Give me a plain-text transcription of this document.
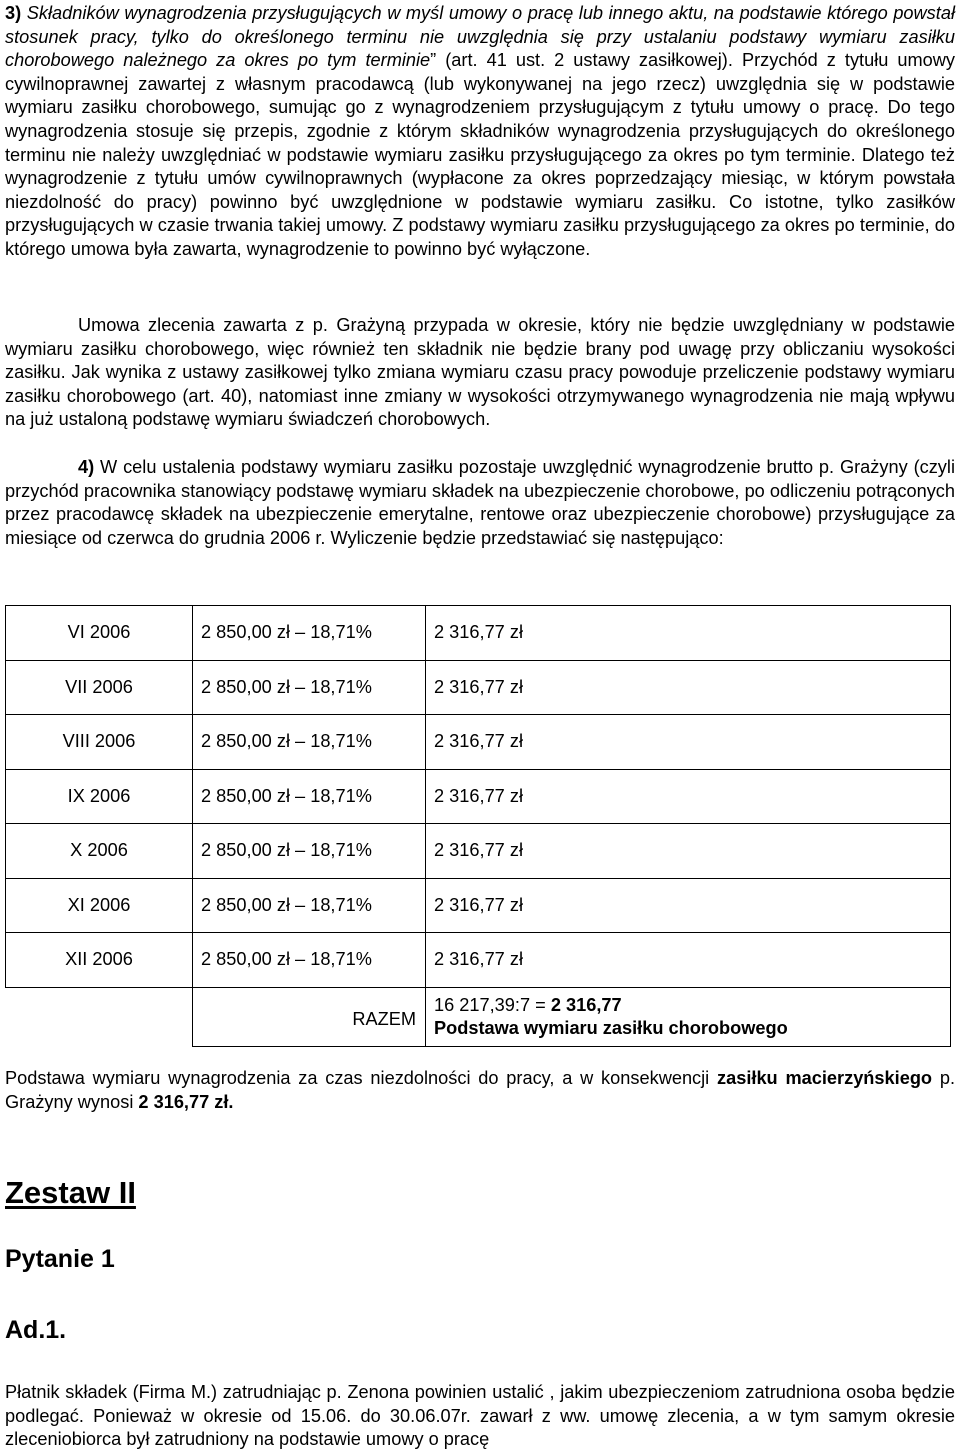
3) Składników wynagrodzenia przysługujących w myśl umowy o pracę lub innego aktu, na podstawie którego powstał stosunek pracy, tylko do określonego terminu nie uwzględnia się przy ustalaniu podstawy wymiaru zasiłku chorobowego należnego za okres po tym terminie” (art. 41 ust. 2 ustawy zasiłkowej). Przychód z tytułu umowy cywilnoprawnej zawartej z własnym pracodawcą (lub wykonywanej na jego rzecz) uwzględnia się w podstawie wymiaru zasiłku chorobowego, sumując go z wynagrodzeniem przysługującym z tytułu umowy o pracę. Do tego wynagrodzenia stosuje się przepis, zgodnie z którym składników wynagrodzenia przysługujących do określonego terminu nie należy uwzględniać w podstawie wymiaru zasiłku przysługującego za okres po tym terminie. Dlatego też wynagrodzenie z tytułu umów cywilnoprawnych (wypłacone za okres poprzedzający miesiąc, w którym powstała niezdolność do pracy) powinno być uwzględnione w podstawie wymiaru zasiłku. Co istotne, tylko zasiłków przysługujących w czasie trwania takiej umowy. Z podstawy wymiaru zasiłku przysługującego za okres po terminie, do którego umowa była zawarta, wynagrodzenie to powinno być wyłączone.

Umowa zlecenia zawarta z p. Grażyną przypada w okresie, który nie będzie uwzględniany w podstawie wymiaru zasiłku chorobowego, więc również ten składnik nie będzie brany pod uwagę przy obliczaniu wysokości zasiłku. Jak wynika z ustawy zasiłkowej tylko zmiana wymiaru czasu pracy powoduje przeliczenie podstawy wymiaru zasiłku chorobowego (art. 40), natomiast inne zmiany w wysokości otrzymywanego wynagrodzenia nie mają wpływu na już ustaloną podstawę wymiaru świadczeń chorobowych.

4) W celu ustalenia podstawy wymiaru zasiłku pozostaje uwzględnić wynagrodzenie brutto p. Grażyny (czyli przychód pracownika stanowiący podstawę wymiaru składek na ubezpieczenie chorobowe, po odliczeniu potrąconych przez pracodawcę składek na ubezpieczenie emerytalne, rentowe oraz ubezpieczenie chorobowe) przysługujące za miesiące od czerwca do grudnia 2006 r. Wyliczenie będzie przedstawiać się następująco:

VI 2006	2 850,00 zł – 18,71%	2 316,77 zł
VII 2006	2 850,00 zł – 18,71%	2 316,77 zł
VIII 2006	2 850,00 zł – 18,71%	2 316,77 zł
IX 2006	2 850,00 zł – 18,71%	2 316,77 zł
X 2006	2 850,00 zł – 18,71%	2 316,77 zł
XI 2006	2 850,00 zł – 18,71%	2 316,77 zł
XII 2006	2 850,00 zł – 18,71%	2 316,77 zł
	RAZEM	16 217,39:7 = 2 316,77
Podstawa wymiaru zasiłku chorobowego

Podstawa wymiaru wynagrodzenia za czas niezdolności do pracy, a w konsekwencji zasiłku macierzyńskiego p. Grażyny wynosi 2 316,77 zł.

Zestaw II
Pytanie 1
Ad.1.

Płatnik składek (Firma M.) zatrudniając p. Zenona powinien ustalić , jakim ubezpieczeniom zatrudniona osoba będzie podlegać. Ponieważ w okresie od 15.06. do 30.06.07r. zawarł z ww. umowę zlecenia, a w tym samym okresie zleceniobiorca był zatrudniony na podstawie umowy o pracę
